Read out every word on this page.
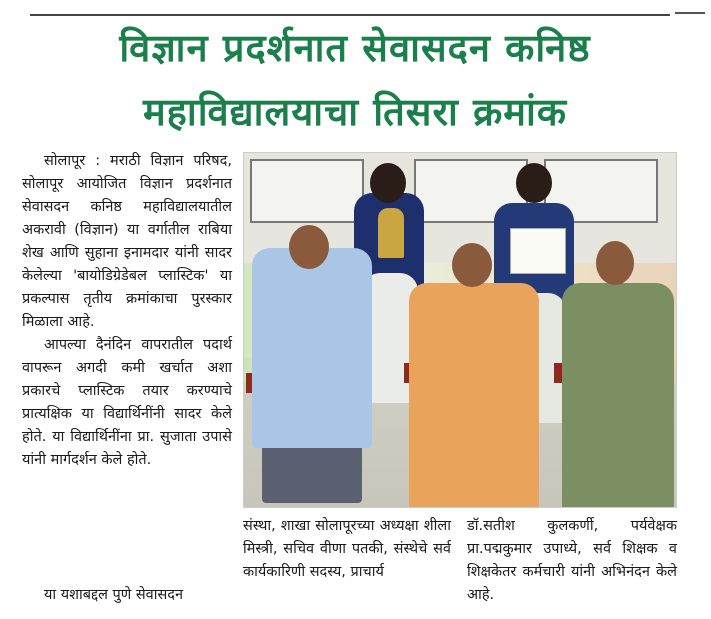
विज्ञान प्रदर्शनात सेवासदन कनिष्ठ
महाविद्यालयाचा तिसरा क्रमांक

सोलापूर : मराठी विज्ञान परिषद, सोलापूर आयोजित विज्ञान प्रदर्शनात सेवासदन कनिष्ठ महाविद्यालयातील अकरावी (विज्ञान) या वर्गातील राबिया शेख आणि सुहाना इनामदार यांनी सादर केलेल्या 'बायोडिग्रेडेबल प्लास्टिक' या प्रकल्पास तृतीय क्रमांकाचा पुरस्कार मिळाला आहे.

आपल्या दैनंदिन वापरातील पदार्थ वापरून अगदी कमी खर्चात अशा प्रकारचे प्लास्टिक तयार करण्याचे प्रात्यक्षिक या विद्यार्थिनींनी सादर केले होते. या विद्यार्थिनींना प्रा. सुजाता उपासे यांनी मार्गदर्शन केले होते.

या यशाबद्दल पुणे सेवासदन

संस्था, शाखा सोलापूरच्या अध्यक्षा शीला मिस्त्री, सचिव वीणा पतकी, संस्थेचे सर्व कार्यकारिणी सदस्य, प्राचार्य

डॉ.सतीश कुलकर्णी, पर्यवेक्षक प्रा.पद्मकुमार उपाध्ये, सर्व शिक्षक व शिक्षकेतर कर्मचारी यांनी अभिनंदन केले आहे.
